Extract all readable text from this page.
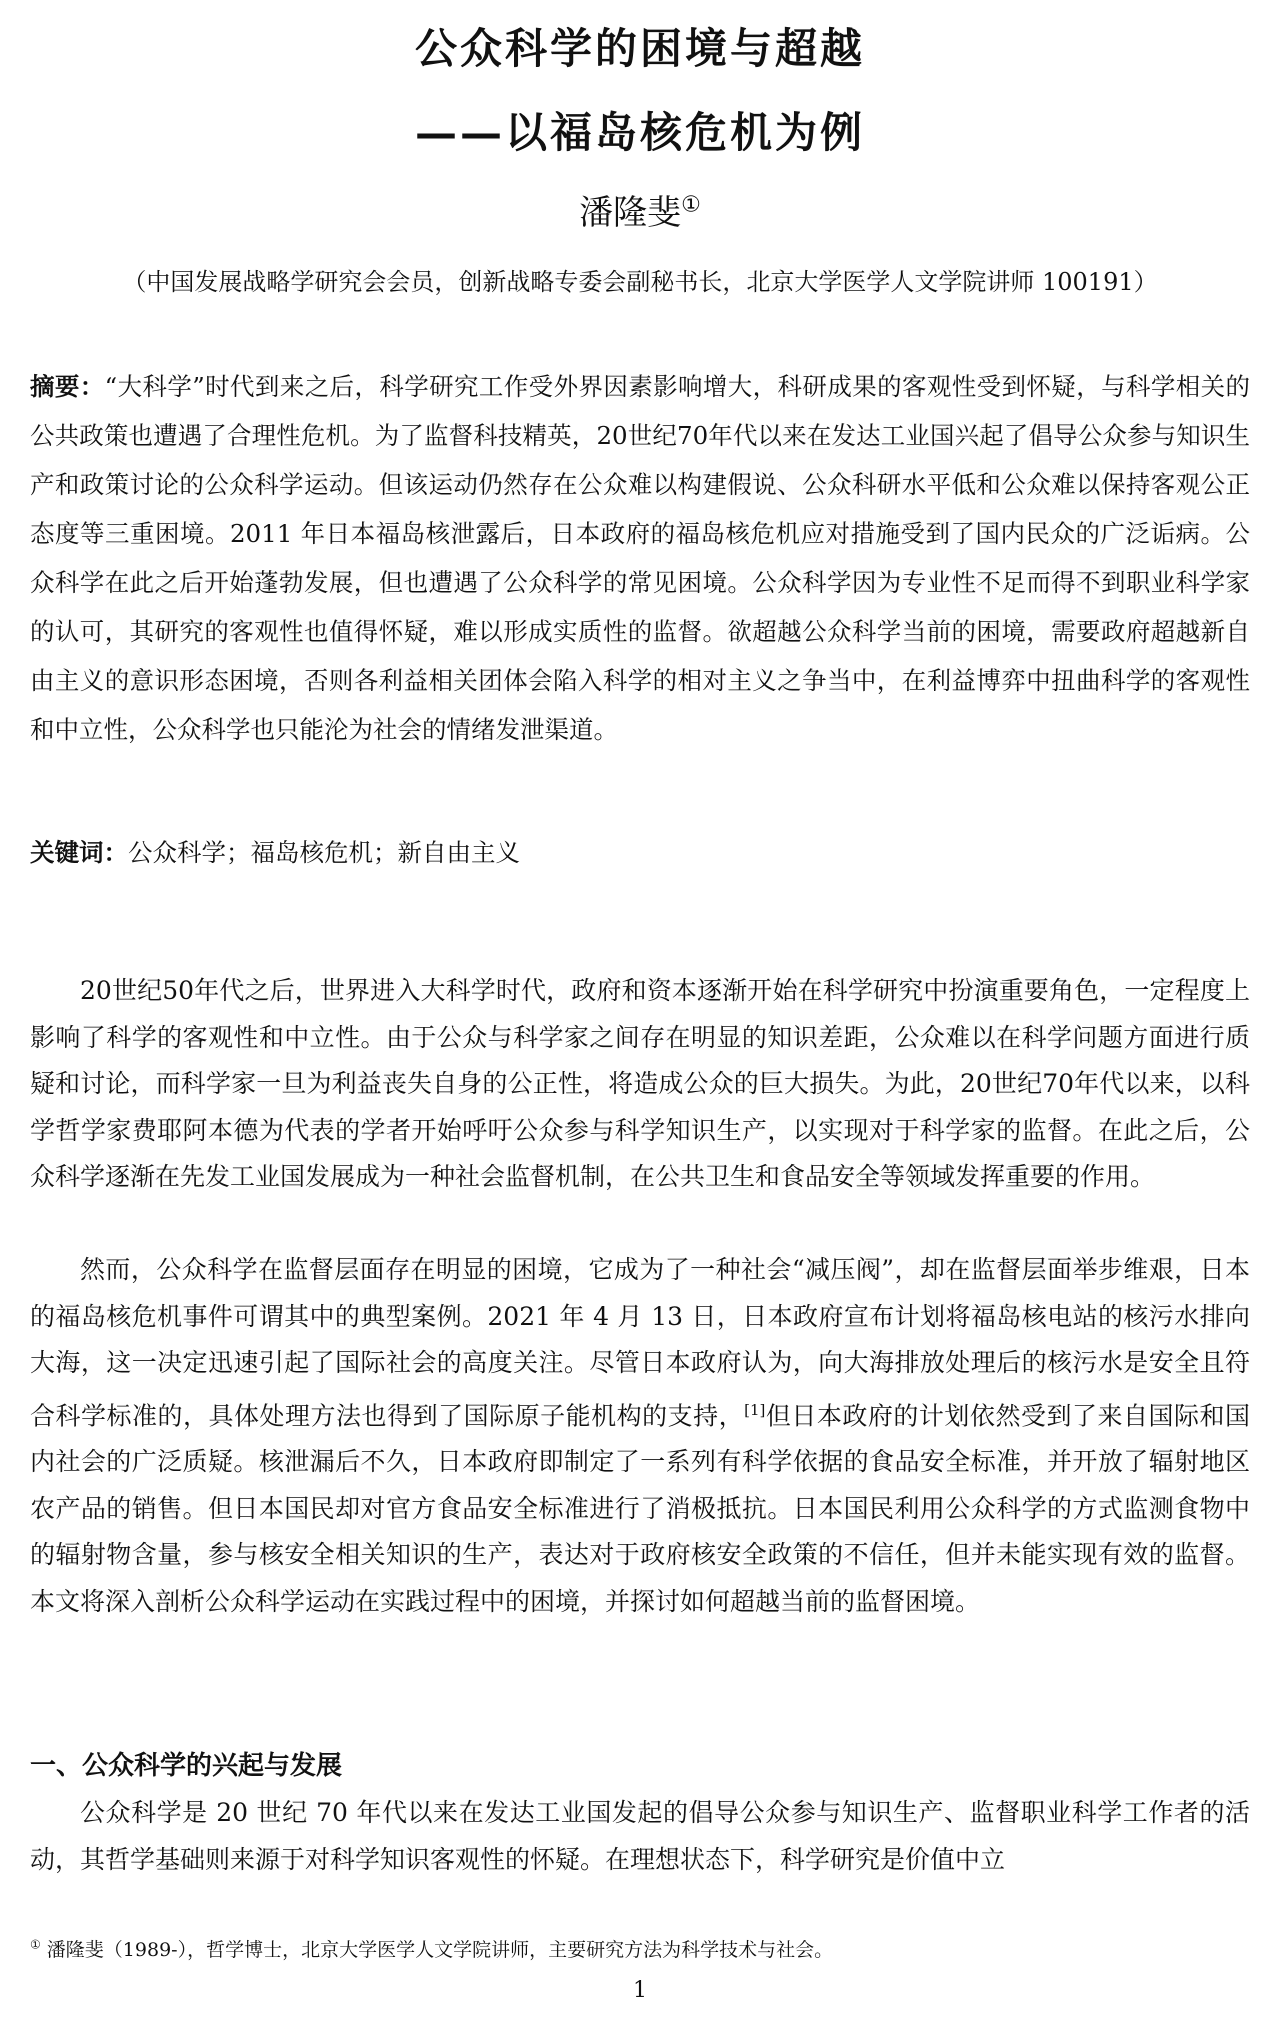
公众科学的困境与超越
——以福岛核危机为例

潘隆斐①

（中国发展战略学研究会会员，创新战略专委会副秘书长，北京大学医学人文学院讲师 100191）

摘要：“大科学”时代到来之后，科学研究工作受外界因素影响增大，科研成果的客观性受到怀疑，与科学相关的公共政策也遭遇了合理性危机。为了监督科技精英，20世纪70年代以来在发达工业国兴起了倡导公众参与知识生产和政策讨论的公众科学运动。但该运动仍然存在公众难以构建假说、公众科研水平低和公众难以保持客观公正态度等三重困境。2011 年日本福岛核泄露后，日本政府的福岛核危机应对措施受到了国内民众的广泛诟病。公众科学在此之后开始蓬勃发展，但也遭遇了公众科学的常见困境。公众科学因为专业性不足而得不到职业科学家的认可，其研究的客观性也值得怀疑，难以形成实质性的监督。欲超越公众科学当前的困境，需要政府超越新自由主义的意识形态困境，否则各利益相关团体会陷入科学的相对主义之争当中，在利益博弈中扭曲科学的客观性和中立性，公众科学也只能沦为社会的情绪发泄渠道。

关键词：公众科学；福岛核危机；新自由主义

20世纪50年代之后，世界进入大科学时代，政府和资本逐渐开始在科学研究中扮演重要角色，一定程度上影响了科学的客观性和中立性。由于公众与科学家之间存在明显的知识差距，公众难以在科学问题方面进行质疑和讨论，而科学家一旦为利益丧失自身的公正性，将造成公众的巨大损失。为此，20世纪70年代以来，以科学哲学家费耶阿本德为代表的学者开始呼吁公众参与科学知识生产，以实现对于科学家的监督。在此之后，公众科学逐渐在先发工业国发展成为一种社会监督机制，在公共卫生和食品安全等领域发挥重要的作用。

然而，公众科学在监督层面存在明显的困境，它成为了一种社会“减压阀”，却在监督层面举步维艰，日本的福岛核危机事件可谓其中的典型案例。2021 年 4 月 13 日，日本政府宣布计划将福岛核电站的核污水排向大海，这一决定迅速引起了国际社会的高度关注。尽管日本政府认为，向大海排放处理后的核污水是安全且符合科学标准的，具体处理方法也得到了国际原子能机构的支持，[1]但日本政府的计划依然受到了来自国际和国内社会的广泛质疑。核泄漏后不久，日本政府即制定了一系列有科学依据的食品安全标准，并开放了辐射地区农产品的销售。但日本国民却对官方食品安全标准进行了消极抵抗。日本国民利用公众科学的方式监测食物中的辐射物含量，参与核安全相关知识的生产，表达对于政府核安全政策的不信任，但并未能实现有效的监督。本文将深入剖析公众科学运动在实践过程中的困境，并探讨如何超越当前的监督困境。

一、公众科学的兴起与发展

公众科学是 20 世纪 70 年代以来在发达工业国发起的倡导公众参与知识生产、监督职业科学工作者的活动，其哲学基础则来源于对科学知识客观性的怀疑。在理想状态下，科学研究是价值中立

① 潘隆斐（1989-），哲学博士，北京大学医学人文学院讲师，主要研究方法为科学技术与社会。

1
